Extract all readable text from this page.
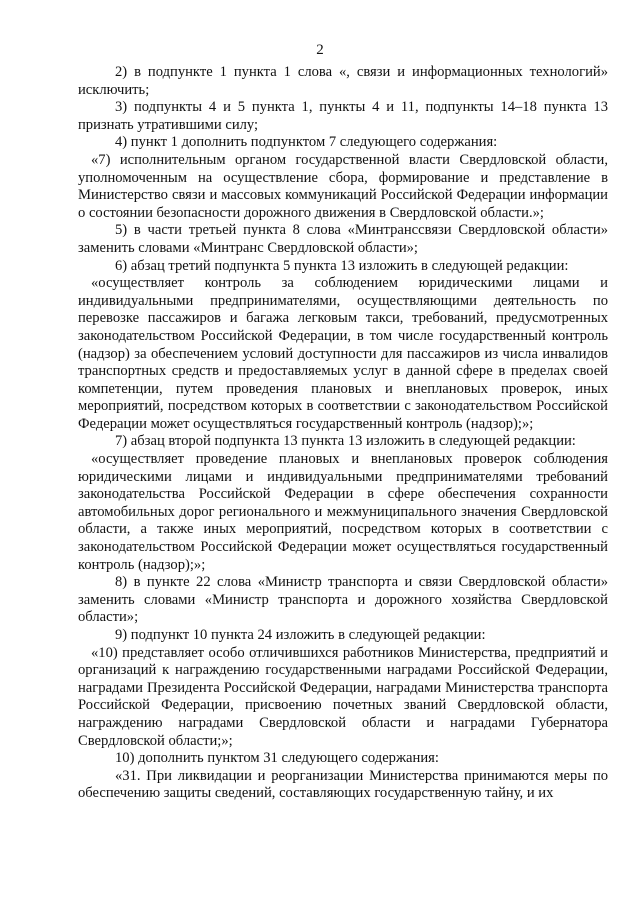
2

2) в подпункте 1 пункта 1 слова «, связи и информационных технологий» исключить;

3) подпункты 4 и 5 пункта 1, пункты 4 и 11, подпункты 14–18 пункта 13 признать утратившими силу;

4) пункт 1 дополнить подпунктом 7 следующего содержания:

«7) исполнительным органом государственной власти Свердловской области, уполномоченным на осуществление сбора, формирование и представление в Министерство связи и массовых коммуникаций Российской Федерации информации о состоянии безопасности дорожного движения в Свердловской области.»;

5) в части третьей пункта 8 слова «Минтранссвязи Свердловской области» заменить словами «Минтранс Свердловской области»;

6) абзац третий подпункта 5 пункта 13 изложить в следующей редакции:

«осуществляет контроль за соблюдением юридическими лицами и индивидуальными предпринимателями, осуществляющими деятельность по перевозке пассажиров и багажа легковым такси, требований, предусмотренных законодательством Российской Федерации, в том числе государственный контроль (надзор) за обеспечением условий доступности для пассажиров из числа инвалидов транспортных средств и предоставляемых услуг в данной сфере в пределах своей компетенции, путем проведения плановых и внеплановых проверок, иных мероприятий, посредством которых в соответствии с законодательством Российской Федерации может осуществляться государственный контроль (надзор);»;

7) абзац второй подпункта 13 пункта 13 изложить в следующей редакции:

«осуществляет проведение плановых и внеплановых проверок соблюдения юридическими лицами и индивидуальными предпринимателями требований законодательства Российской Федерации в сфере обеспечения сохранности автомобильных дорог регионального и межмуниципального значения Свердловской области, а также иных мероприятий, посредством которых в соответствии с законодательством Российской Федерации может осуществляться государственный контроль (надзор);»;

8) в пункте 22 слова «Министр транспорта и связи Свердловской области» заменить словами «Министр транспорта и дорожного хозяйства Свердловской области»;

9) подпункт 10 пункта 24 изложить в следующей редакции:

«10) представляет особо отличившихся работников Министерства, предприятий и организаций к награждению государственными наградами Российской Федерации, наградами Президента Российской Федерации, наградами Министерства транспорта Российской Федерации, присвоению почетных званий Свердловской области, награждению наградами Свердловской области и наградами Губернатора Свердловской области;»;

10) дополнить пунктом 31 следующего содержания:

«31. При ликвидации и реорганизации Министерства принимаются меры по обеспечению защиты сведений, составляющих государственную тайну, и их
